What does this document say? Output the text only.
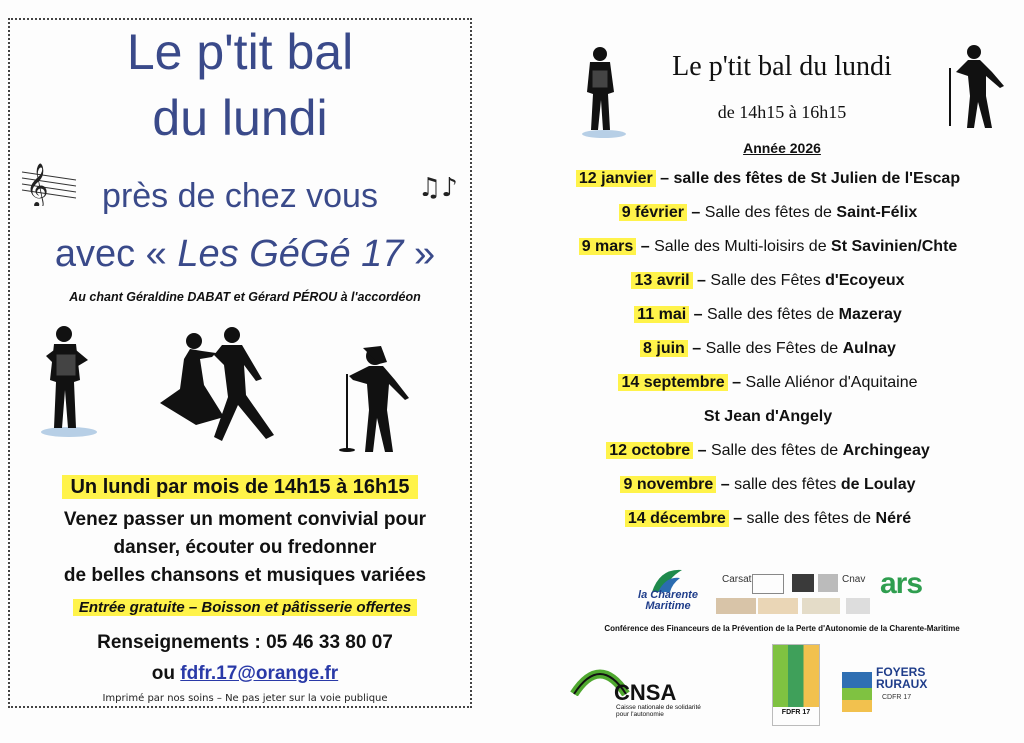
Le p'tit bal
du lundi
𝄞	♫♪
près de chez vous
avec « Les GéGé 17 »
Au chant Géraldine DABAT et Gérard PÉROU à l'accordéon
Un lundi par mois de 14h15 à 16h15
Venez passer un moment convivial pour
danser, écouter ou fredonner
de belles chansons et musiques variées
Entrée gratuite – Boisson et pâtisserie offertes
Renseignements : 05 46 33 80 07
ou fdfr.17@orange.fr
Imprimé par nos soins – Ne pas jeter sur la voie publique
Le p'tit bal du lundi
de 14h15 à 16h15
Année 2026
12 janvier – salle des fêtes de St Julien de l'Escap
9 février – Salle des fêtes de Saint-Félix
9 mars – Salle des Multi-loisirs de St Savinien/Chte
13 avril – Salle des Fêtes d'Ecoyeux
11 mai – Salle des fêtes de Mazeray
8 juin – Salle des Fêtes de Aulnay
14 septembre – Salle Aliénor d'Aquitaine
St Jean d'Angely
12 octobre – Salle des fêtes de Archingeay
9 novembre – salle des fêtes de Loulay
14 décembre – salle des fêtes de Néré
la Charente Maritime
Carsat	Cnav ars
Conférence des Financeurs de la Prévention de la Perte d'Autonomie de la Charente-Maritime
CNSA
Caisse nationale de solidarité pour l'autonomie	FDFR 17
FOYERS RURAUX
CDFR 17
